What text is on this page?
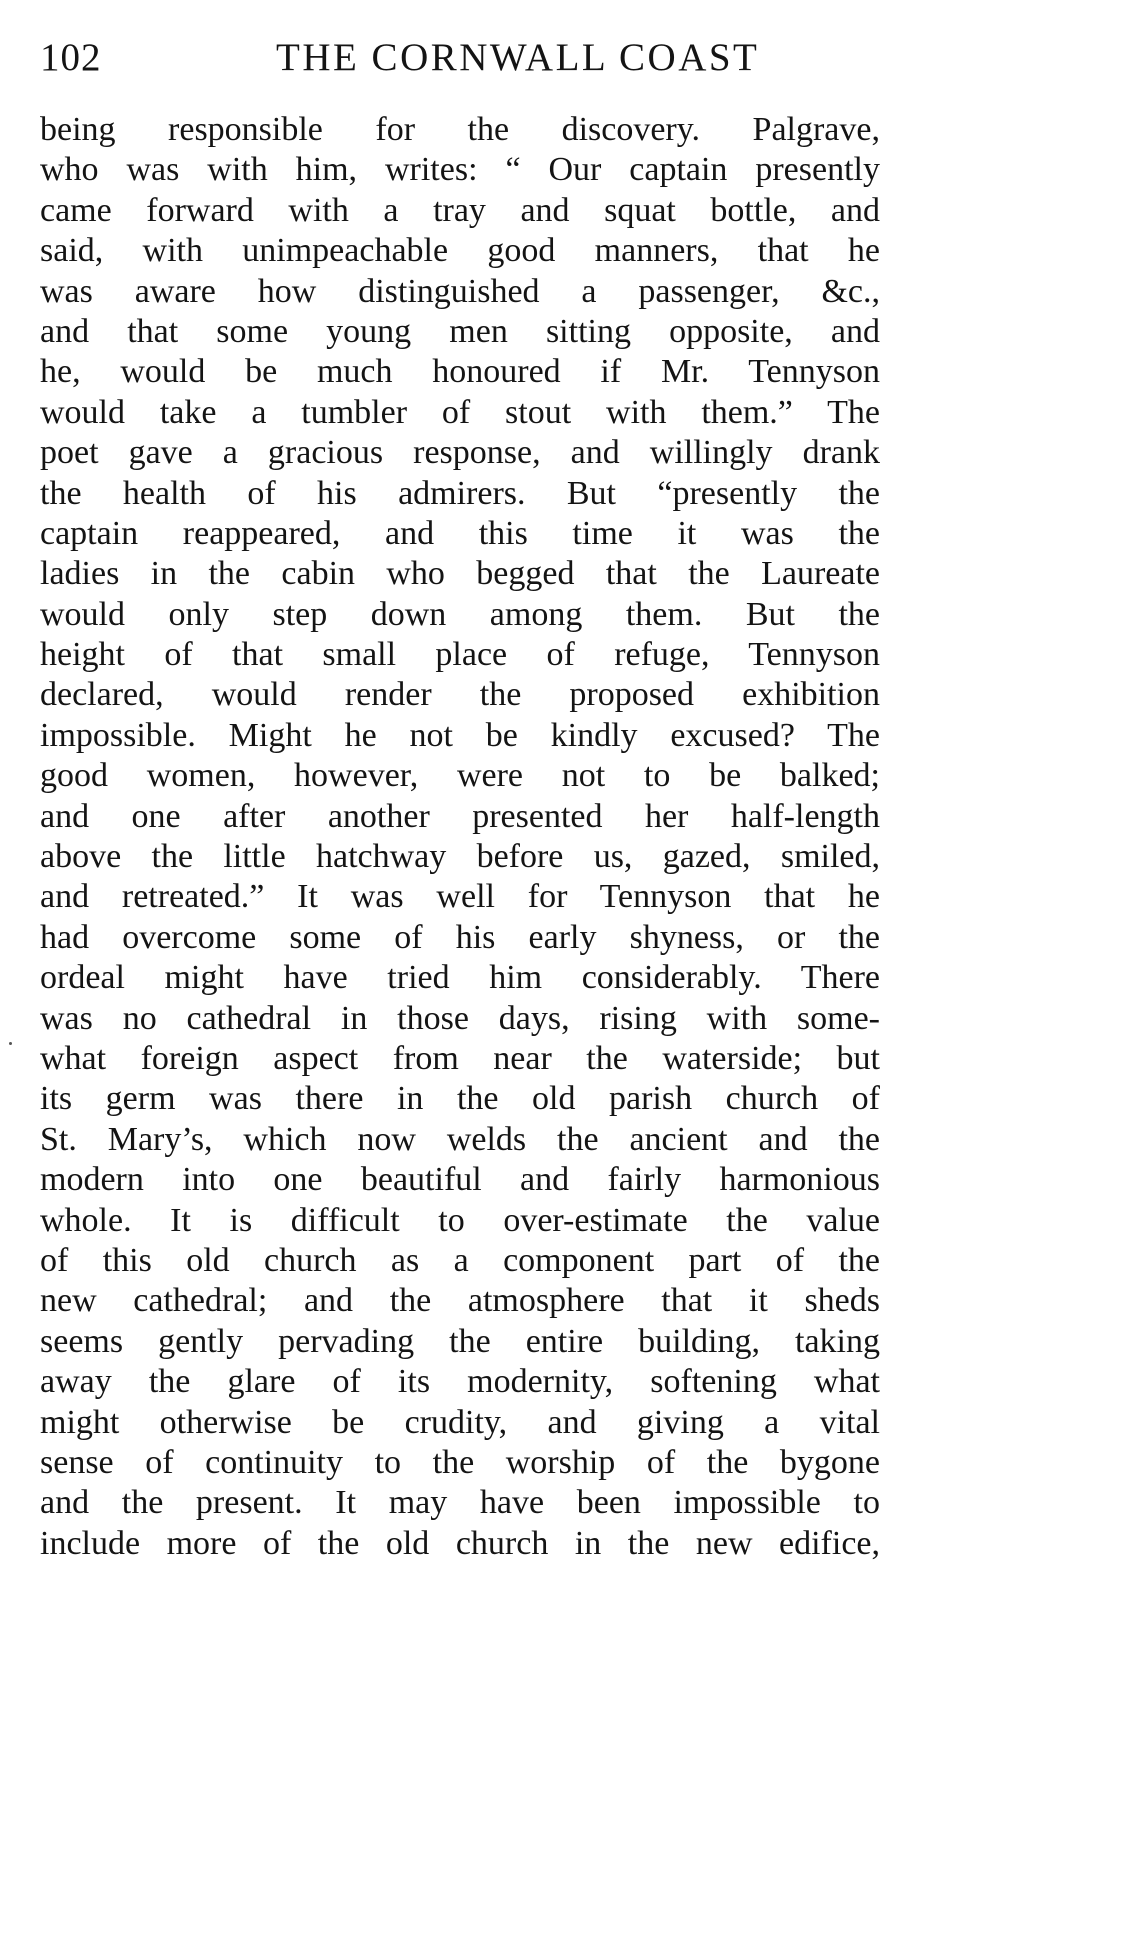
102	THE CORNWALL COAST
being responsible for the discovery. Palgrave,
who was with him, writes: “ Our captain presently
came forward with a tray and squat bottle, and
said, with unimpeachable good manners, that he
was aware how distinguished a passenger, &c.,
and that some young men sitting opposite, and
he, would be much honoured if Mr. Tennyson
would take a tumbler of stout with them.” The
poet gave a gracious response, and willingly drank
the health of his admirers. But “presently the
captain reappeared, and this time it was the
ladies in the cabin who begged that the Laureate
would only step down among them. But the
height of that small place of refuge, Tennyson
declared, would render the proposed exhibition
impossible. Might he not be kindly excused? The
good women, however, were not to be balked;
and one after another presented her half-length
above the little hatchway before us, gazed, smiled,
and retreated.” It was well for Tennyson that he
had overcome some of his early shyness, or the
ordeal might have tried him considerably. There
was no cathedral in those days, rising with some-
what foreign aspect from near the waterside; but
its germ was there in the old parish church of
St. Mary’s, which now welds the ancient and the
modern into one beautiful and fairly harmonious
whole. It is difficult to over-estimate the value
of this old church as a component part of the
new cathedral; and the atmosphere that it sheds
seems gently pervading the entire building, taking
away the glare of its modernity, softening what
might otherwise be crudity, and giving a vital
sense of continuity to the worship of the bygone
and the present. It may have been impossible to
include more of the old church in the new edifice,
